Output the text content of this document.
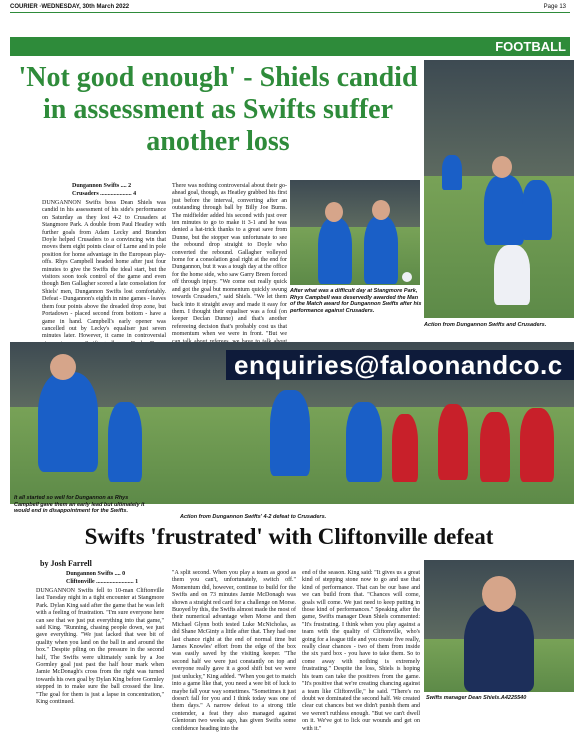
COURIER ·WEDNESDAY, 30th March 2022	Page 13
FOOTBALL
'Not good enough' - Shiels candid in assessment as Swifts suffer another loss
Dungannon Swifts .... 2
Crusaders ..................... 4
DUNGANNON Swifts boss Dean Shiels was candid in his assessment of his side's performance on Saturday as they lost 4-2 to Crusaders at Stangmore Park. A double from Paul Heatley with further goals from Adam Lecky and Brandon Doyle helped Crusaders to a convincing win that moves them eight points clear of Larne and in pole position for home advantage in the European play-offs. Rhys Campbell headed home after just four minutes to give the Swifts the ideal start, but the visitors soon took control of the game and even though Ben Gallagher scored a late consolation for Shiels' men, Dungannon Swifts lost comfortably. Defeat - Dungannon's eighth in nine games - leaves them four points above the dreaded drop zone, but Portadown - placed second from bottom - have a game in hand. Campbell's early opener was cancelled out by Lecky's equaliser just seven minutes later. However, it came in controversial
There was nothing controversial about their go-ahead goal, though, as Heatley grabbed his first just before the interval, converting after an outstanding through ball by Billy Joe Burns. The midfielder added his second with just over ten minutes to go to make it 3-1 and he was denied a hat-trick thanks to a great save from Dunne, but the stopper was unfortunate to see the rebound drop straight to Doyle who converted the rebound. Gallagher volleyed home for a consolation goal right at the end for Dungannon, but it was a tough day at the office for the home side, who saw Garry Breen forced off through injury. "We come out really quick and got the goal but momentum quickly swung towards Crusaders," said Shiels. "We let them back into it straight away and made it easy for them. I thought their equaliser was a foul (on keeper Declan Dunne) and that's another refereeing decision that's probably cost us that momentum when we were in front. "But we
After what was a difficult day at Stangmore Park, Rhys Campbell was deservedly awarded the Man of the Match award for Dungannon Swifts after his performance against Crusaders.
Action from Dungannon Swifts and Crusaders.
enquiries@faloonandco.c
It all started so well for Dungannon as Rhys Campbell gave them an early lead but ultimately it would end in disappointment for the Swifts.
Action from Dungannon Swifts' 4-2 defeat to Crusaders.
Swifts 'frustrated' with Cliftonville defeat
by Josh Farrell
Dungannon Swifts .... 0
Cliftonville ......................... 1
DUNGANNON Swifts fell to 10-man Cliftonville last Tuesday night in a tight encounter at Stangmore Park. Dylan King said after the game that he was left with a feeling of frustration. "I'm sure everyone here can see that we just put everything into that game," said King. "Running, chasing people down, we just gave everything. "We just lacked that wee bit of quality when you land on the ball in and around the box." Despite piling on the pressure in the second half, The Swifts were ultimately sunk by a Joe Gormley goal just past the half hour mark when Jamie McDonagh's cross from the right was turned towards his own goal by Dylan King before Gormley stepped in to make sure the ball crossed the line. "The goal for them is just a lapse in concentration," King continued.
"A split second. When you play a team as good as them you can't, unfortunately, switch off." Momentum did, however, continue to build for the Swifts and on 73 minutes Jamie McDonagh was shown a straight red card for a challenge on Morse. Buoyed by this, the Swifts almost made the most of their numerical advantage when Morse and then Michael Glynn both tested Luke McNicholas, as did Shane McGinty a little after that. They had one last chance right at the end of normal time but James Knowles' effort from the edge of the box was easily saved by the visiting keeper. "The second half we were just constantly on top and everyone really gave it a good shift but we were just unlucky," King added. "When you get to match into a game like that, you need a wee bit of luck to maybe fall your way sometimes. "Sometimes it just doesn't fall for you and I think today was one of them days." A narrow defeat to a strong title contender, a feat they also managed against Glentoran two weeks ago, has given Swifts some confidence heading into the
end of the season. King said: "It gives us a great kind of stepping stone now to go and use that kind of performance. That can be our base and we can build from that. "Chances will come, goals will come. We just need to keep putting in those kind of performances." Speaking after the game, Swifts manager Dean Shiels commented: "It's frustrating. I think when you play against a team with the quality of Cliftonville, who's going for a league title and you create five really, really clear chances - two of them from inside the six yard box - you have to take them. So to come away with nothing is extremely frustrating." Despite the loss, Shiels is hoping his team can take the positives from the game. "It's positive that we're creating chancing against a team like Cliftonville," he said. "There's no doubt we dominated the second half. We created clear cut chances but we didn't punish them and we weren't ruthless enough. "But we can't dwell on it. We've got to lick our wounds and get on with it."
Swifts manager Dean Shiels.A4225540
